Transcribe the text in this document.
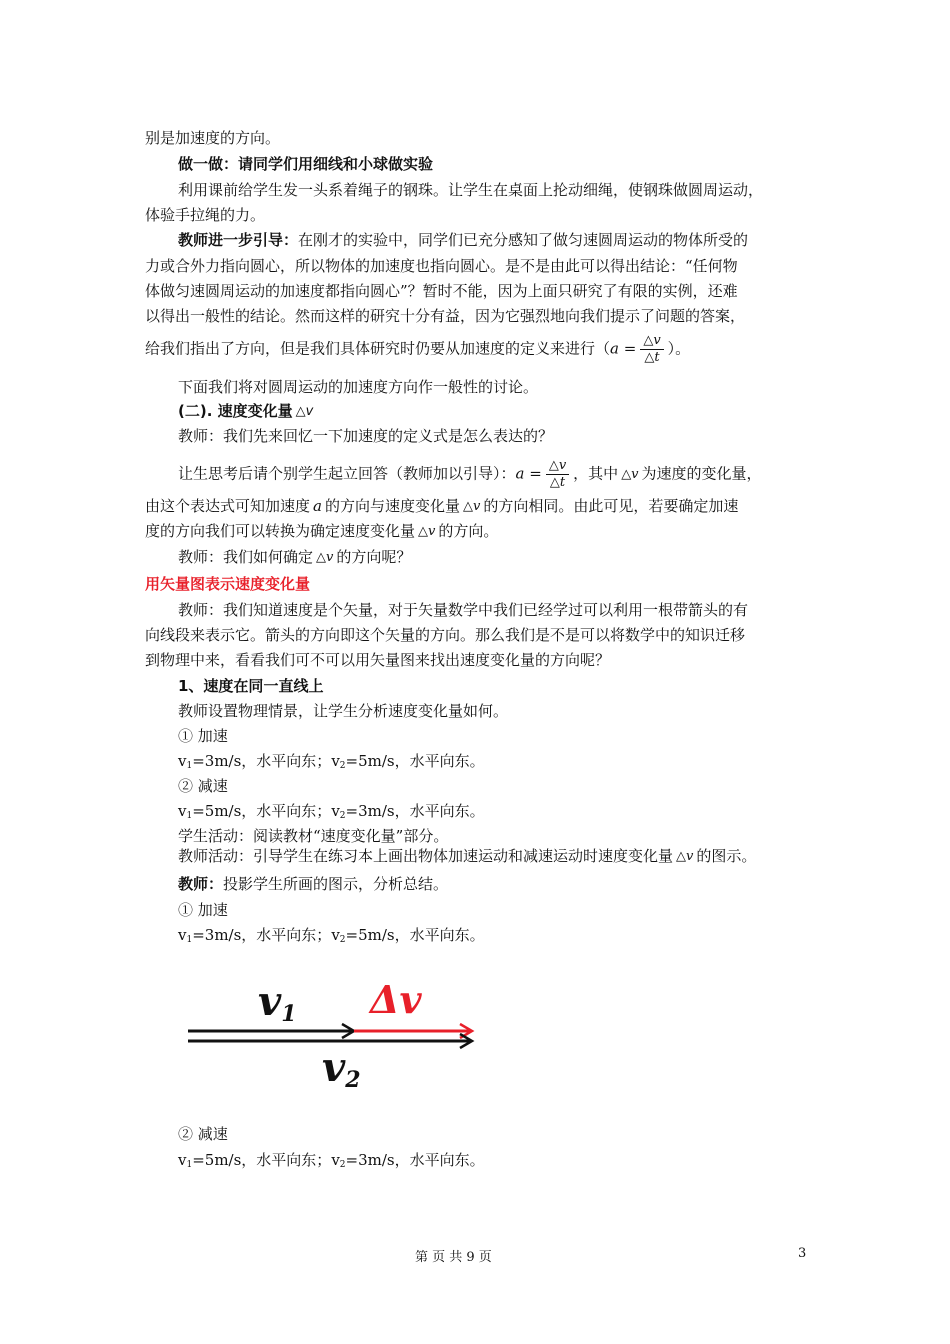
别是加速度的方向。
做一做：请同学们用细线和小球做实验
利用课前给学生发一头系着绳子的钢珠。让学生在桌面上抡动细绳，使钢珠做圆周运动，
体验手拉绳的力。
教师进一步引导：在刚才的实验中，同学们已充分感知了做匀速圆周运动的物体所受的
力或合外力指向圆心，所以物体的加速度也指向圆心。是不是由此可以得出结论：“任何物
体做匀速圆周运动的加速度都指向圆心”？暂时不能，因为上面只研究了有限的实例，还难
以得出一般性的结论。然而这样的研究十分有益，因为它强烈地向我们提示了问题的答案，
给我们指出了方向，但是我们具体研究时仍要从加速度的定义来进行（$a = \frac{\triangle v}{\triangle t}$ ）。
下面我们将对圆周运动的加速度方向作一般性的讨论。
(二). 速度变化量 △v
教师：我们先来回忆一下加速度的定义式是怎么表达的？
让生思考后请个别学生起立回答（教师加以引导）：$a = \frac{\triangle v}{\triangle t}$ ，其中 △v 为速度的变化量，
由这个表达式可知加速度 a 的方向与速度变化量 △v 的方向相同。由此可见，若要确定加速
度的方向我们可以转换为确定速度变化量 △v 的方向。
教师：我们如何确定 △v 的方向呢？
用矢量图表示速度变化量
教师：我们知道速度是个矢量，对于矢量数学中我们已经学过可以利用一根带箭头的有
向线段来表示它。箭头的方向即这个矢量的方向。那么我们是不是可以将数学中的知识迁移
到物理中来，看看我们可不可以用矢量图来找出速度变化量的方向呢？
1、速度在同一直线上
教师设置物理情景，让学生分析速度变化量如何。
① 加速
$v_1=3m/s$，水平向东；$v_2=5m/s$，水平向东。
② 减速
$v_1=5m/s$，水平向东；$v_2=3m/s$，水平向东。
学生活动：阅读教材“速度变化量”部分。
教师活动：引导学生在练习本上画出物体加速运动和减速运动时速度变化量 △v 的图示。
教师：投影学生所画的图示，分析总结。
① 加速
$v_1=3m/s$，水平向东；$v_2=5m/s$，水平向东。
v1 Δv
v2
② 减速
$v_1=5m/s$，水平向东；$v_2=3m/s$，水平向东。
第 页 共 9 页	3
